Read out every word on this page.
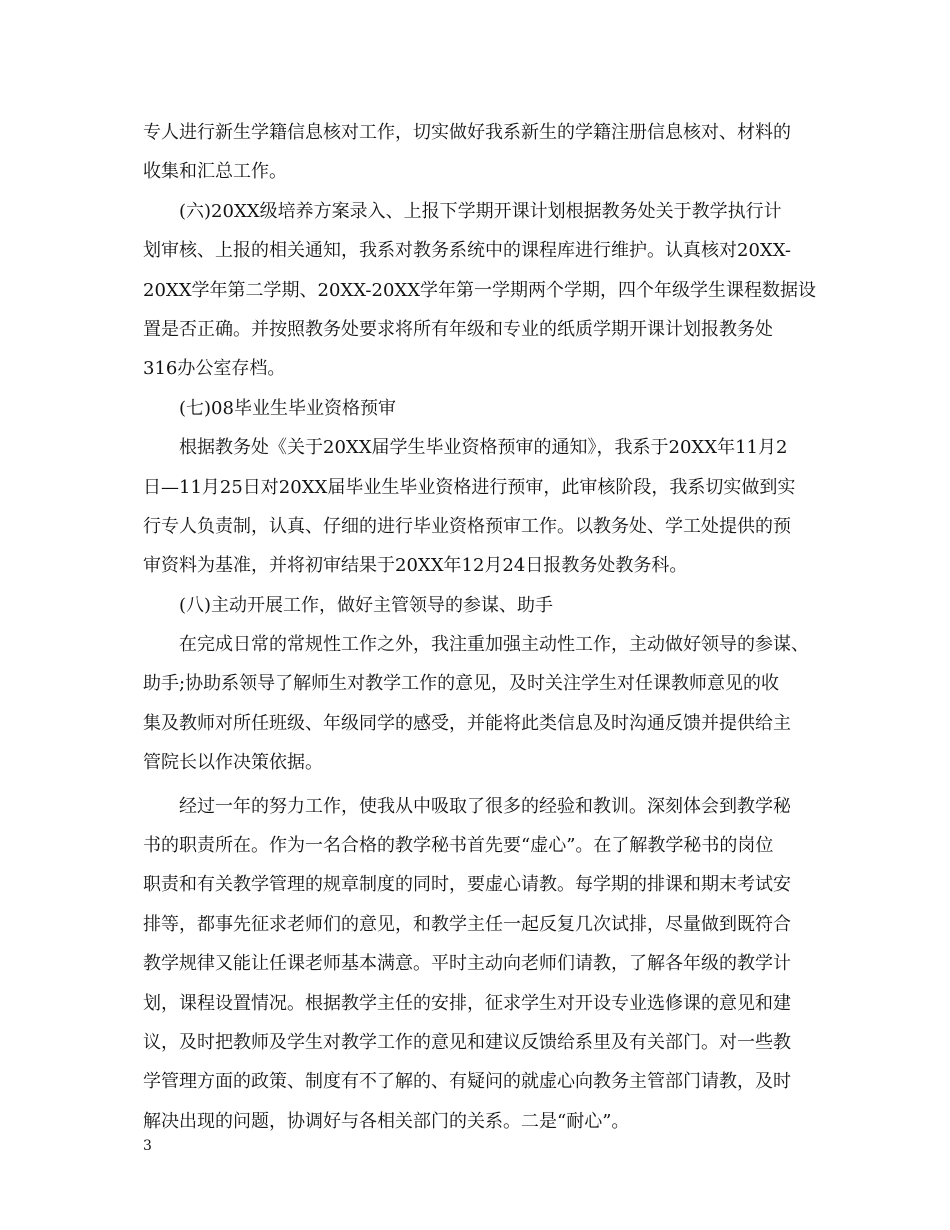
专人进行新生学籍信息核对工作，切实做好我系新生的学籍注册信息核对、材料的
收集和汇总工作。
　　(六)20XX级培养方案录入、上报下学期开课计划根据教务处关于教学执行计
划审核、上报的相关通知，我系对教务系统中的课程库进行维护。认真核对20XX-
20XX学年第二学期、20XX-20XX学年第一学期两个学期，四个年级学生课程数据设
置是否正确。并按照教务处要求将所有年级和专业的纸质学期开课计划报教务处
316办公室存档。
　　(七)08毕业生毕业资格预审
　　根据教务处《关于20XX届学生毕业资格预审的通知》，我系于20XX年11月2
日—11月25日对20XX届毕业生毕业资格进行预审，此审核阶段，我系切实做到实
行专人负责制，认真、仔细的进行毕业资格预审工作。以教务处、学工处提供的预
审资料为基准，并将初审结果于20XX年12月24日报教务处教务科。
　　(八)主动开展工作，做好主管领导的参谋、助手
　　在完成日常的常规性工作之外，我注重加强主动性工作，主动做好领导的参谋、
助手;协助系领导了解师生对教学工作的意见，及时关注学生对任课教师意见的收
集及教师对所任班级、年级同学的感受，并能将此类信息及时沟通反馈并提供给主
管院长以作决策依据。
　　经过一年的努力工作，使我从中吸取了很多的经验和教训。深刻体会到教学秘
书的职责所在。作为一名合格的教学秘书首先要“虚心”。在了解教学秘书的岗位
职责和有关教学管理的规章制度的同时，要虚心请教。每学期的排课和期末考试安
排等，都事先征求老师们的意见，和教学主任一起反复几次试排，尽量做到既符合
教学规律又能让任课老师基本满意。平时主动向老师们请教，了解各年级的教学计
划，课程设置情况。根据教学主任的安排，征求学生对开设专业选修课的意见和建
议，及时把教师及学生对教学工作的意见和建议反馈给系里及有关部门。对一些教
学管理方面的政策、制度有不了解的、有疑问的就虚心向教务主管部门请教，及时
解决出现的问题，协调好与各相关部门的关系。二是“耐心”。
3
